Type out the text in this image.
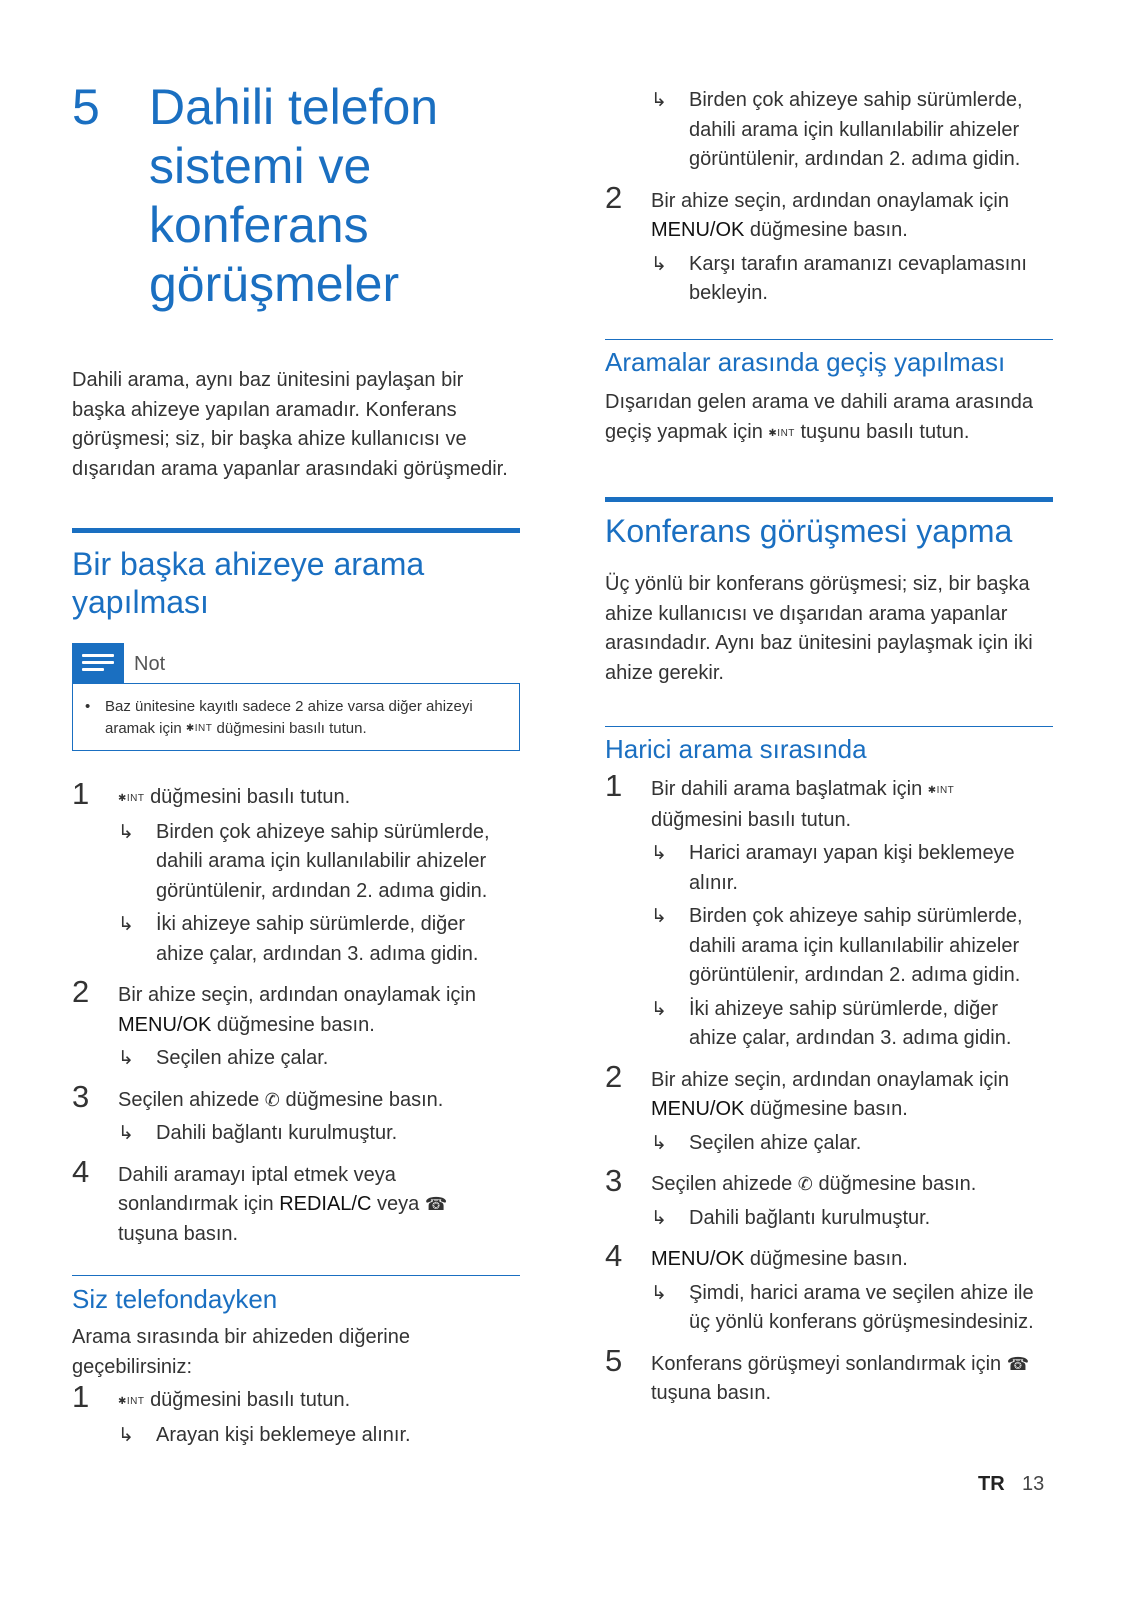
5 Dahili telefon
sistemi ve
konferans
görüşmeler
Dahili arama, aynı baz ünitesini paylaşan bir başka ahizeye yapılan aramadır. Konferans görüşmesi; siz, bir başka ahize kullanıcısı ve dışarıdan arama yapanlar arasındaki görüşmedir.
Bir başka ahizeye arama yapılması
Not
• Baz ünitesine kayıtlı sadece 2 ahize varsa diğer ahizeyi aramak için ✱INT düğmesini basılı tutun.
1	✱INT düğmesini basılı tutun.
↳ Birden çok ahizeye sahip sürümlerde, dahili arama için kullanılabilir ahizeler görüntülenir, ardından 2. adıma gidin.
↳ İki ahizeye sahip sürümlerde, diğer ahize çalar, ardından 3. adıma gidin.
2 Bir ahize seçin, ardından onaylamak için MENU/OK düğmesine basın.
↳ Seçilen ahize çalar.
3 Seçilen ahizede ✆ düğmesine basın.
↳ Dahili bağlantı kurulmuştur.
4 Dahili aramayı iptal etmek veya sonlandırmak için REDIAL/C veya ☎ tuşuna basın.
Siz telefondayken
Arama sırasında bir ahizeden diğerine geçebilirsiniz:
1	✱INT düğmesini basılı tutun.
↳ Arayan kişi beklemeye alınır.
↳ Birden çok ahizeye sahip sürümlerde, dahili arama için kullanılabilir ahizeler görüntülenir, ardından 2. adıma gidin.
2 Bir ahize seçin, ardından onaylamak için MENU/OK düğmesine basın.
↳ Karşı tarafın aramanızı cevaplamasını bekleyin.
Aramalar arasında geçiş yapılması
Dışarıdan gelen arama ve dahili arama arasında geçiş yapmak için ✱INT tuşunu basılı tutun.
Konferans görüşmesi yapma
Üç yönlü bir konferans görüşmesi; siz, bir başka ahize kullanıcısı ve dışarıdan arama yapanlar arasındadır. Aynı baz ünitesini paylaşmak için iki ahize gerekir.
Harici arama sırasında
1 Bir dahili arama başlatmak için ✱INT düğmesini basılı tutun.
↳ Harici aramayı yapan kişi beklemeye alınır.
↳ Birden çok ahizeye sahip sürümlerde, dahili arama için kullanılabilir ahizeler görüntülenir, ardından 2. adıma gidin.
↳ İki ahizeye sahip sürümlerde, diğer ahize çalar, ardından 3. adıma gidin.
2 Bir ahize seçin, ardından onaylamak için MENU/OK düğmesine basın.
↳ Seçilen ahize çalar.
3 Seçilen ahizede ✆ düğmesine basın.
↳ Dahili bağlantı kurulmuştur.
4 MENU/OK düğmesine basın.
↳ Şimdi, harici arama ve seçilen ahize ile üç yönlü konferans görüşmesindesiniz.
5 Konferans görüşmeyi sonlandırmak için ☎ tuşuna basın.
TR 13
